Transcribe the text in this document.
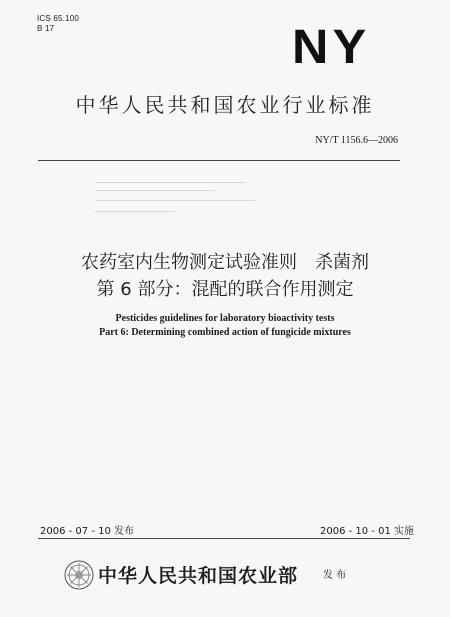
ICS 65.100
B 17	NY
中华人民共和国农业行业标准
NY/T 1156.6—2006
农药室内生物测定试验准则　杀菌剂
第 6 部分：混配的联合作用测定
Pesticides guidelines for laboratory bioactivity tests
Part 6: Determining combined action of fungicide mixtures
2006 - 07 - 10 发布	2006 - 10 - 01 实施
中华人民共和国农业部 发 布
